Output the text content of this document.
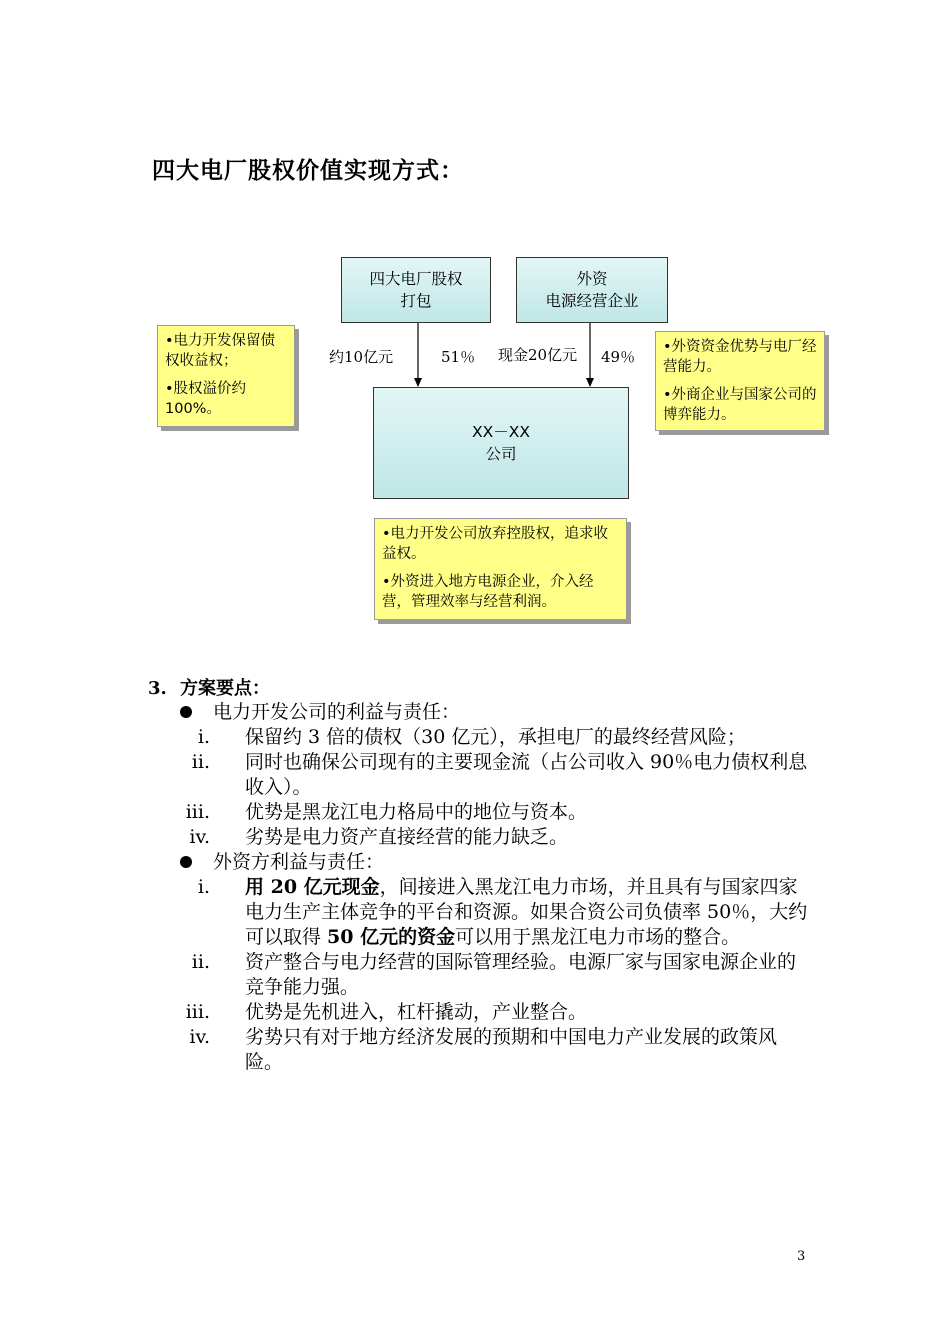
四大电厂股权价值实现方式：
四大电厂股权
打包
外资
电源经营企业
XX－XX
公司
约10亿元	51％ 现金20亿元 49％

•电力开发保留债权收益权；

•股权溢价约100%。

•外资资金优势与电厂经营能力。

•外商企业与国家公司的博弈能力。

•电力开发公司放弃控股权，追求收益权。

•外资进入地方电源企业，介入经营，管理效率与经营利润。

3. 方案要点：
电力开发公司的利益与责任：
i. 保留约 3 倍的债权（30 亿元），承担电厂的最终经营风险；
ii. 同时也确保公司现有的主要现金流（占公司收入 90％电力债权利息收入）。
iii. 优势是黑龙江电力格局中的地位与资本。
iv. 劣势是电力资产直接经营的能力缺乏。
外资方利益与责任：
i. 用 20 亿元现金，间接进入黑龙江电力市场，并且具有与国家四家电力生产主体竞争的平台和资源。如果合资公司负债率 50％，大约可以取得 50 亿元的资金可以用于黑龙江电力市场的整合。
ii. 资产整合与电力经营的国际管理经验。电源厂家与国家电源企业的竞争能力强。
iii. 优势是先机进入，杠杆撬动，产业整合。
iv. 劣势只有对于地方经济发展的预期和中国电力产业发展的政策风险。
3
